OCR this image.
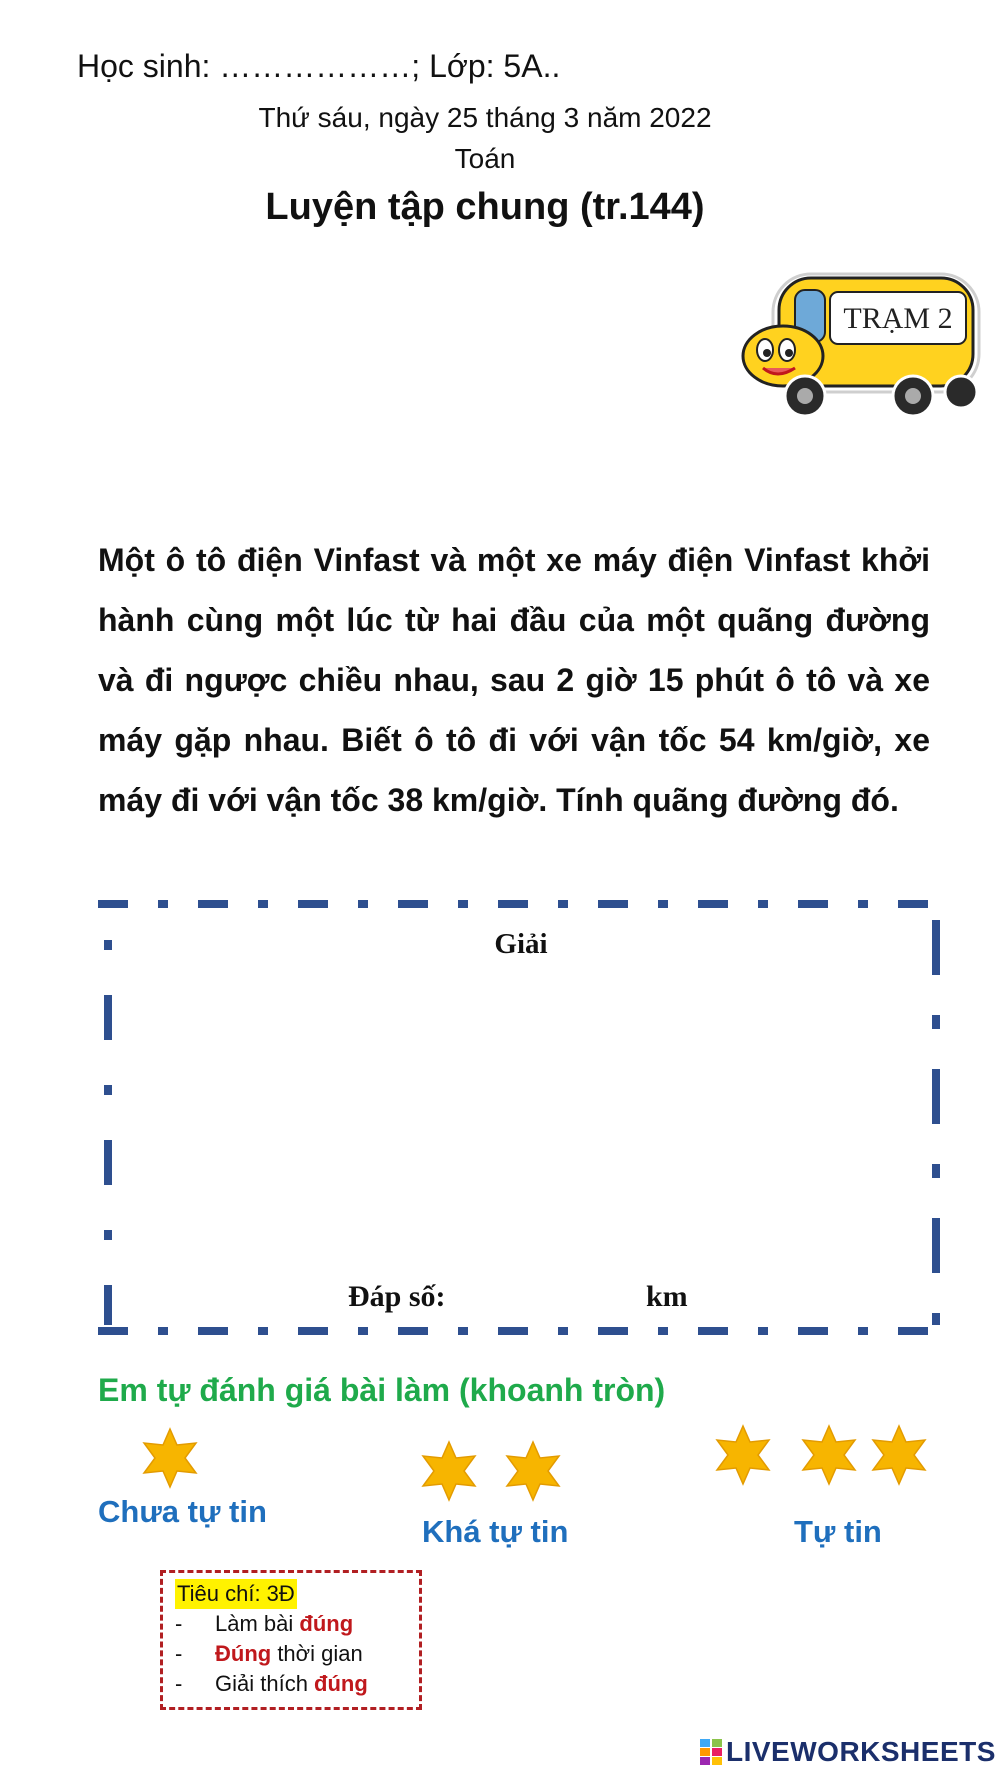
Học sinh: ………………; Lớp: 5A..
Thứ sáu, ngày 25 tháng 3 năm 2022
Toán
Luyện tập chung (tr.144)
TRẠM 2
Một ô tô điện Vinfast và một xe máy điện Vinfast khởi hành cùng một lúc từ hai đầu của một quãng đường và đi ngược chiều nhau, sau 2 giờ 15 phút ô tô và xe máy gặp nhau. Biết ô tô đi với vận tốc 54 km/giờ, xe máy đi với vận tốc 38 km/giờ. Tính quãng đường đó.
Giải
Đáp số:	km
Em tự đánh giá bài làm (khoanh tròn)
Chưa tự tin
Khá tự tin	Tự tin
Tiêu chí: 3Đ
- Làm bài đúng
- Đúng thời gian
- Giải thích đúng
LIVEWORKSHEETS
